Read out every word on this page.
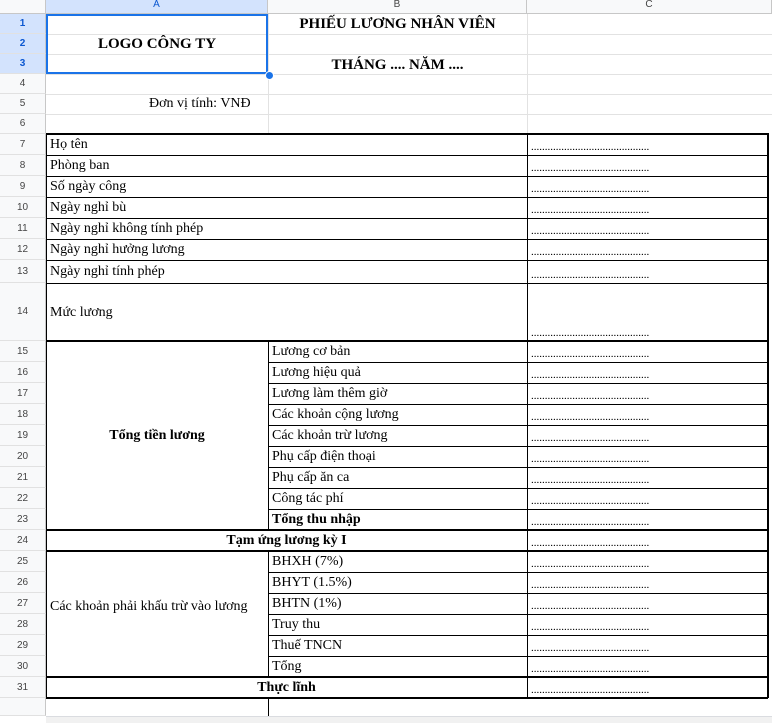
A	B	C
1
2
3
4
5
6
7
8
9
10
11
12
13
14
15
16
17
18
19
20
21
22
23
24
25
26
27
28
29
30
31
LOGO CÔNG TY
PHIẾU LƯƠNG NHÂN VIÊN
THÁNG .... NĂM ....
Đơn vị tính: VNĐ
Họ tên
Phòng ban
Số ngày công
Ngày nghỉ bù
Ngày nghỉ không tính phép
Ngày nghỉ hưởng lương
Ngày nghỉ tính phép
Mức lương
Tổng tiền lương
Lương cơ bản
Lương hiệu quả
Lương làm thêm giờ
Các khoản cộng lương
Các khoản trừ lương
Phụ cấp điện thoại
Phụ cấp ăn ca
Công tác phí
Tổng thu nhập
Tạm ứng lương kỳ I
Các khoản phải khấu trừ vào lương
BHXH (7%)
BHYT (1.5%)
BHTN (1%)
Truy thu
Thuế TNCN
Tổng
Thực lĩnh
...........................................
...........................................
...........................................
...........................................
...........................................
...........................................
...........................................
...........................................
...........................................
...........................................
...........................................
...........................................
...........................................
...........................................
...........................................
...........................................
...........................................
...........................................
...........................................
...........................................
...........................................
...........................................
...........................................
...........................................
...........................................
